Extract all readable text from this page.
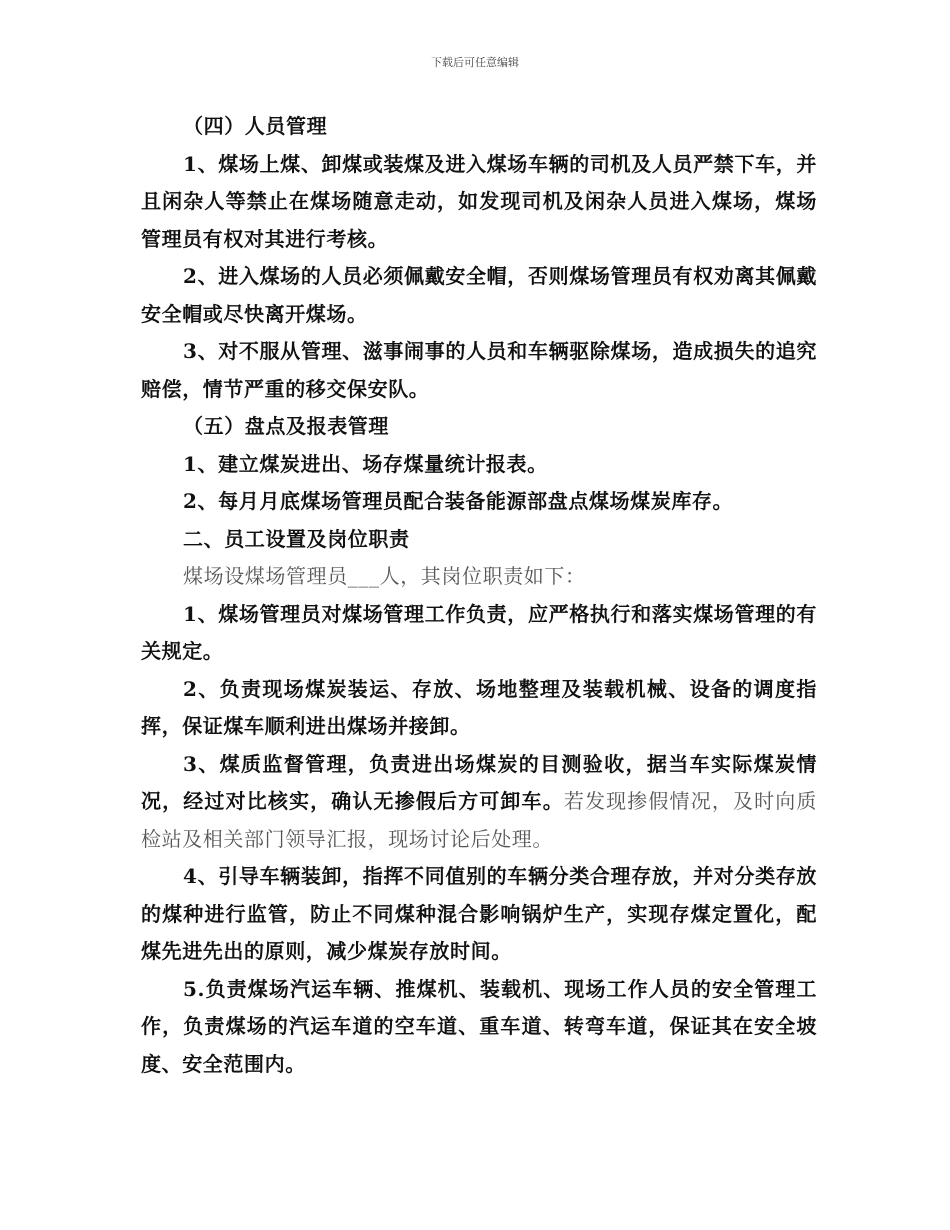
下载后可任意编辑

（四）人员管理

1、煤场上煤、卸煤或装煤及进入煤场车辆的司机及人员严禁下车，并且闲杂人等禁止在煤场随意走动，如发现司机及闲杂人员进入煤场，煤场管理员有权对其进行考核。

2、进入煤场的人员必须佩戴安全帽，否则煤场管理员有权劝离其佩戴安全帽或尽快离开煤场。

3、对不服从管理、滋事闹事的人员和车辆驱除煤场，造成损失的追究赔偿，情节严重的移交保安队。

（五）盘点及报表管理

1、建立煤炭进出、场存煤量统计报表。

2、每月月底煤场管理员配合装备能源部盘点煤场煤炭库存。

二、员工设置及岗位职责

煤场设煤场管理员___人，其岗位职责如下：

1、煤场管理员对煤场管理工作负责，应严格执行和落实煤场管理的有关规定。

2、负责现场煤炭装运、存放、场地整理及装载机械、设备的调度指挥，保证煤车顺利进出煤场并接卸。

3、煤质监督管理，负责进出场煤炭的目测验收，据当车实际煤炭情况，经过对比核实，确认无掺假后方可卸车。若发现掺假情况，及时向质检站及相关部门领导汇报，现场讨论后处理。

4、引导车辆装卸，指挥不同值别的车辆分类合理存放，并对分类存放的煤种进行监管，防止不同煤种混合影响锅炉生产，实现存煤定置化，配煤先进先出的原则，减少煤炭存放时间。

5.负责煤场汽运车辆、推煤机、装载机、现场工作人员的安全管理工作，负责煤场的汽运车道的空车道、重车道、转弯车道，保证其在安全坡度、安全范围内。
